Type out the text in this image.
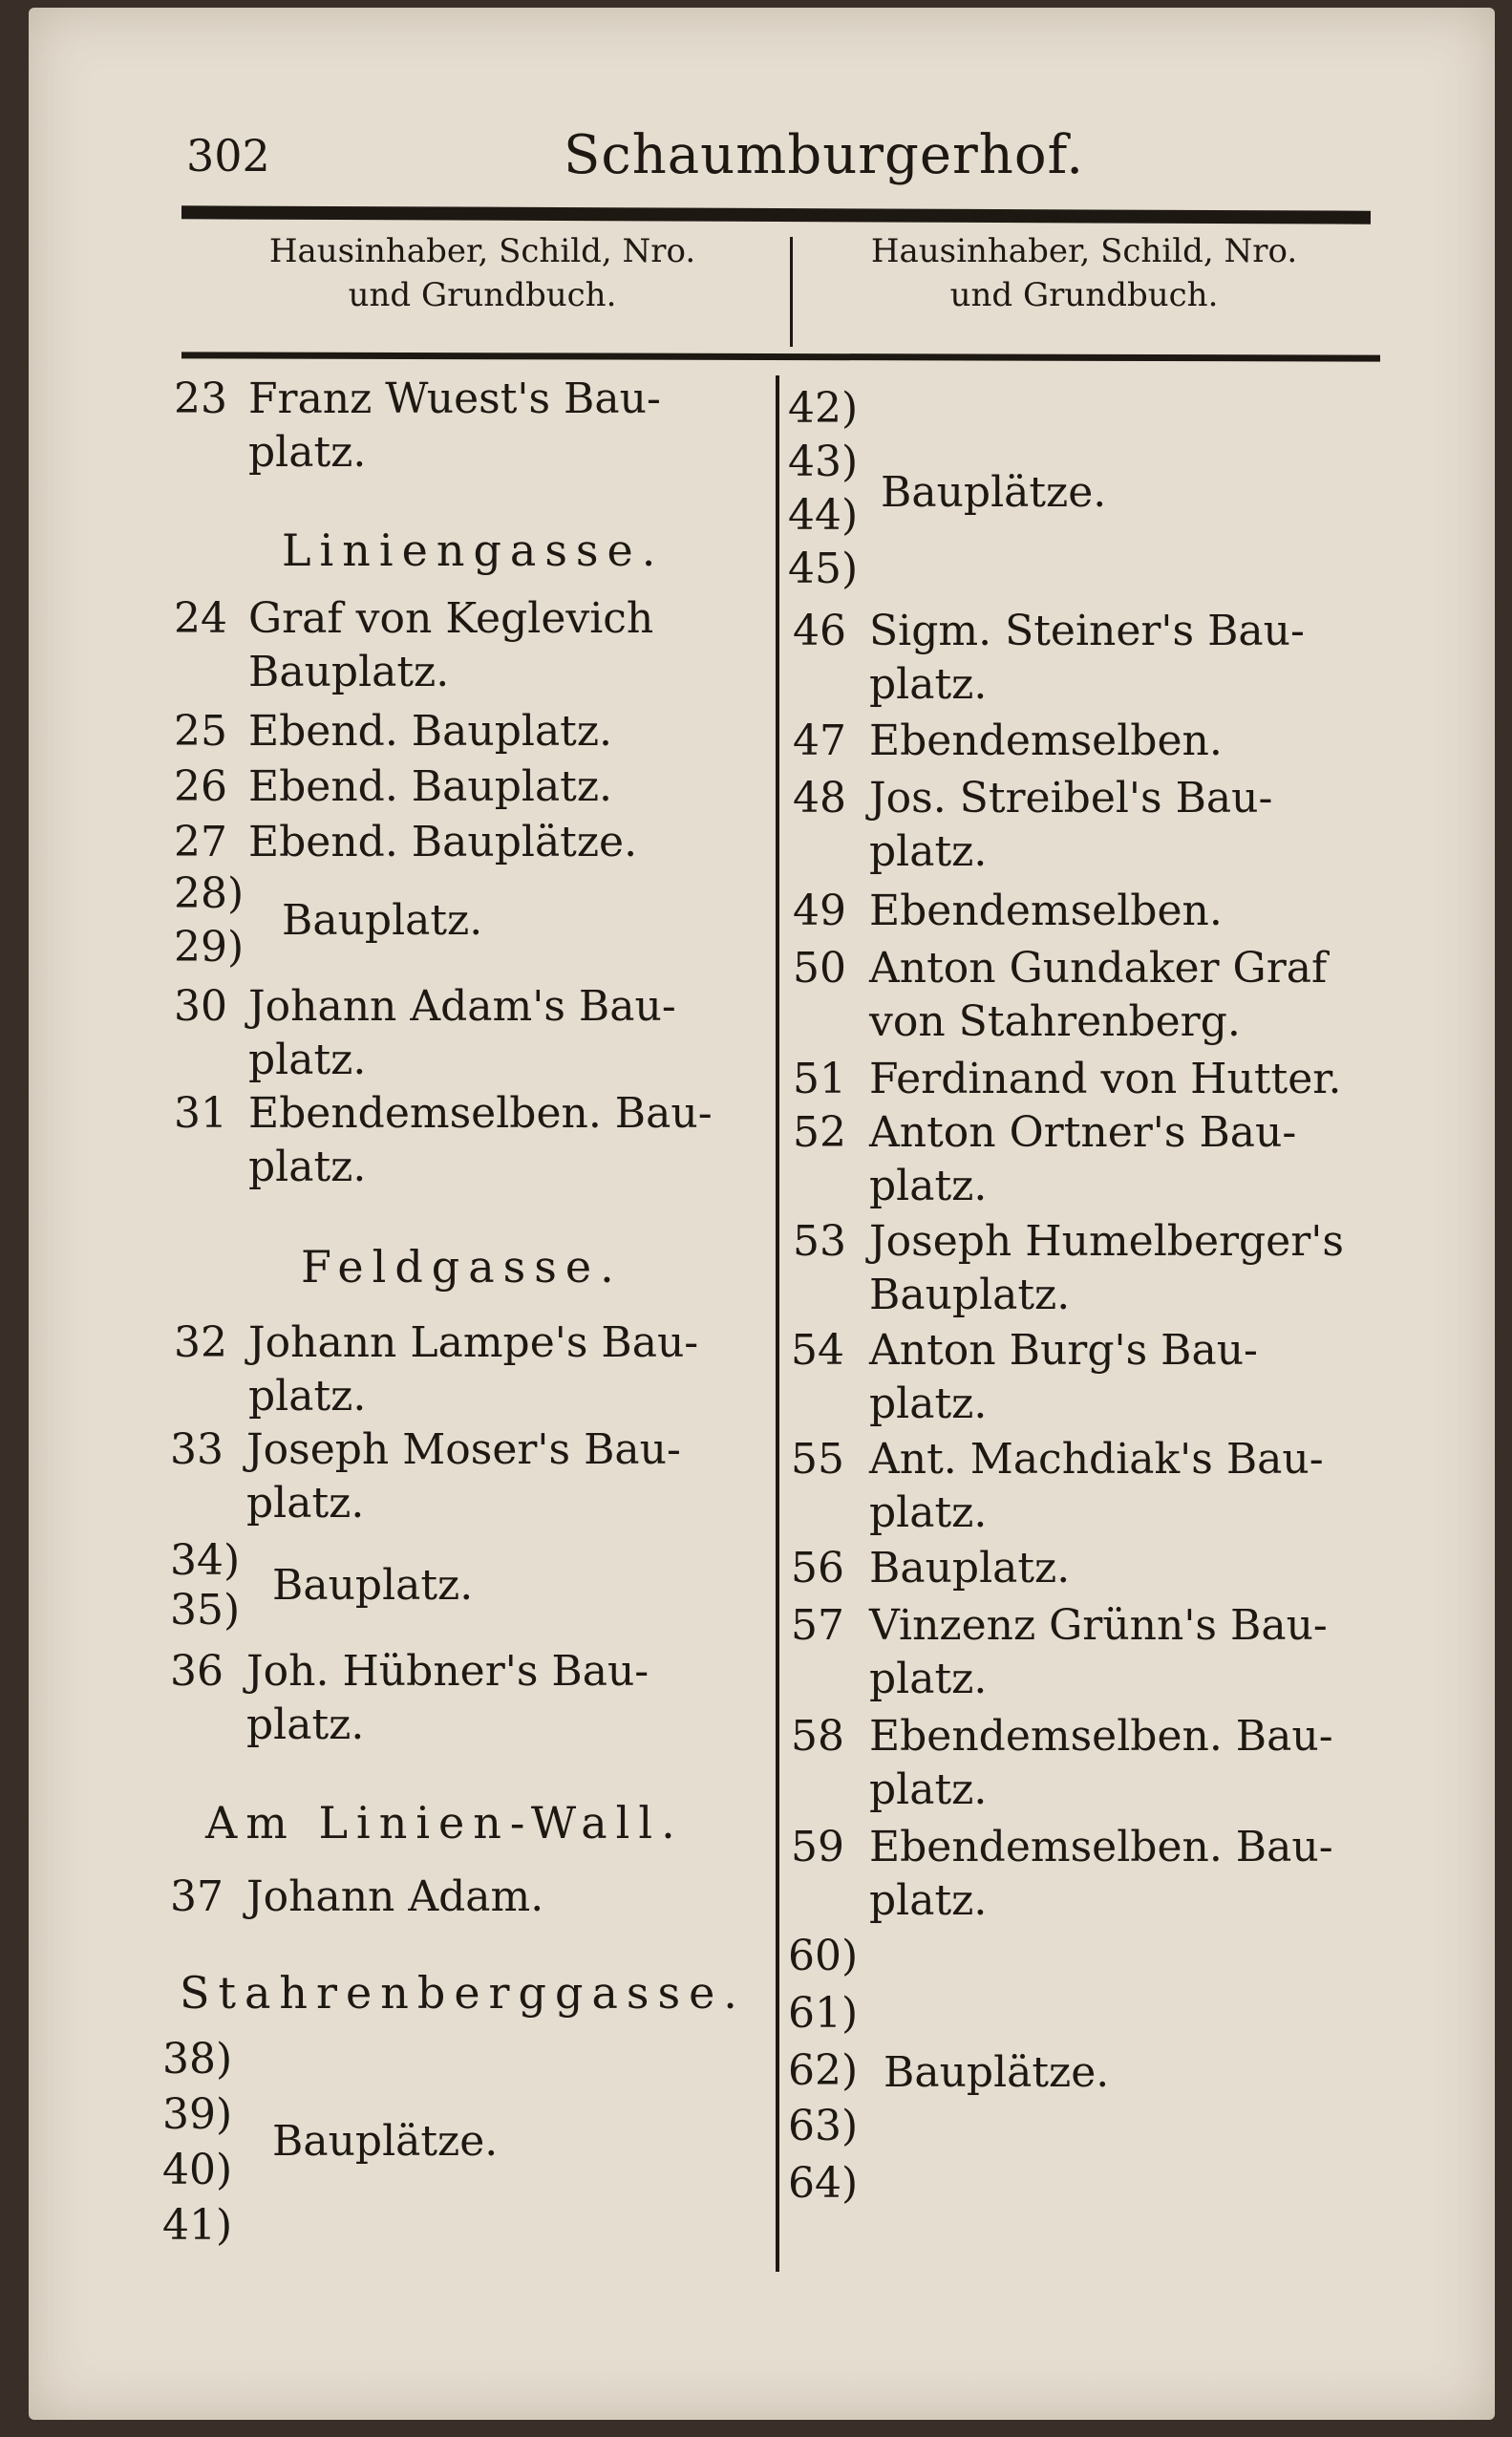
302	Schaumburgerhof.
Hausinhaber, Schild, Nro.
und Grundbuch.
Hausinhaber, Schild, Nro.
und Grundbuch.
23 Franz Wuest's Bau-
platz.
Liniengasse.
24 Graf von Keglevich
Bauplatz.
25 Ebend. Bauplatz.
26 Ebend. Bauplatz.
27 Ebend. Bauplätze.
28)
29)
Bauplatz.
30 Johann Adam's Bau-
platz.
31 Ebendemselben. Bau-
platz.
Feldgasse.
32 Johann Lampe's Bau-
platz.
33 Joseph Moser's Bau-
platz.
34)
35)
Bauplatz.
36 Joh. Hübner's Bau-
platz.
Am Linien-Wall.
37 Johann Adam.
Stahrenberggasse.
38)
39)
40)
41)
Bauplätze.
42)
43)
44)
45)
Bauplätze.
46 Sigm. Steiner's Bau-
platz.
47 Ebendemselben.
48 Jos. Streibel's Bau-
platz.
49 Ebendemselben.
50 Anton Gundaker Graf
von Stahrenberg.
51 Ferdinand von Hutter.
52 Anton Ortner's Bau-
platz.
53 Joseph Humelberger's
Bauplatz.
54 Anton Burg's Bau-
platz.
55 Ant. Machdiak's Bau-
platz.
56 Bauplatz.
57 Vinzenz Grünn's Bau-
platz.
58 Ebendemselben. Bau-
platz.
59 Ebendemselben. Bau-
platz.
60)
61)
62)
63)
64)
Bauplätze.
